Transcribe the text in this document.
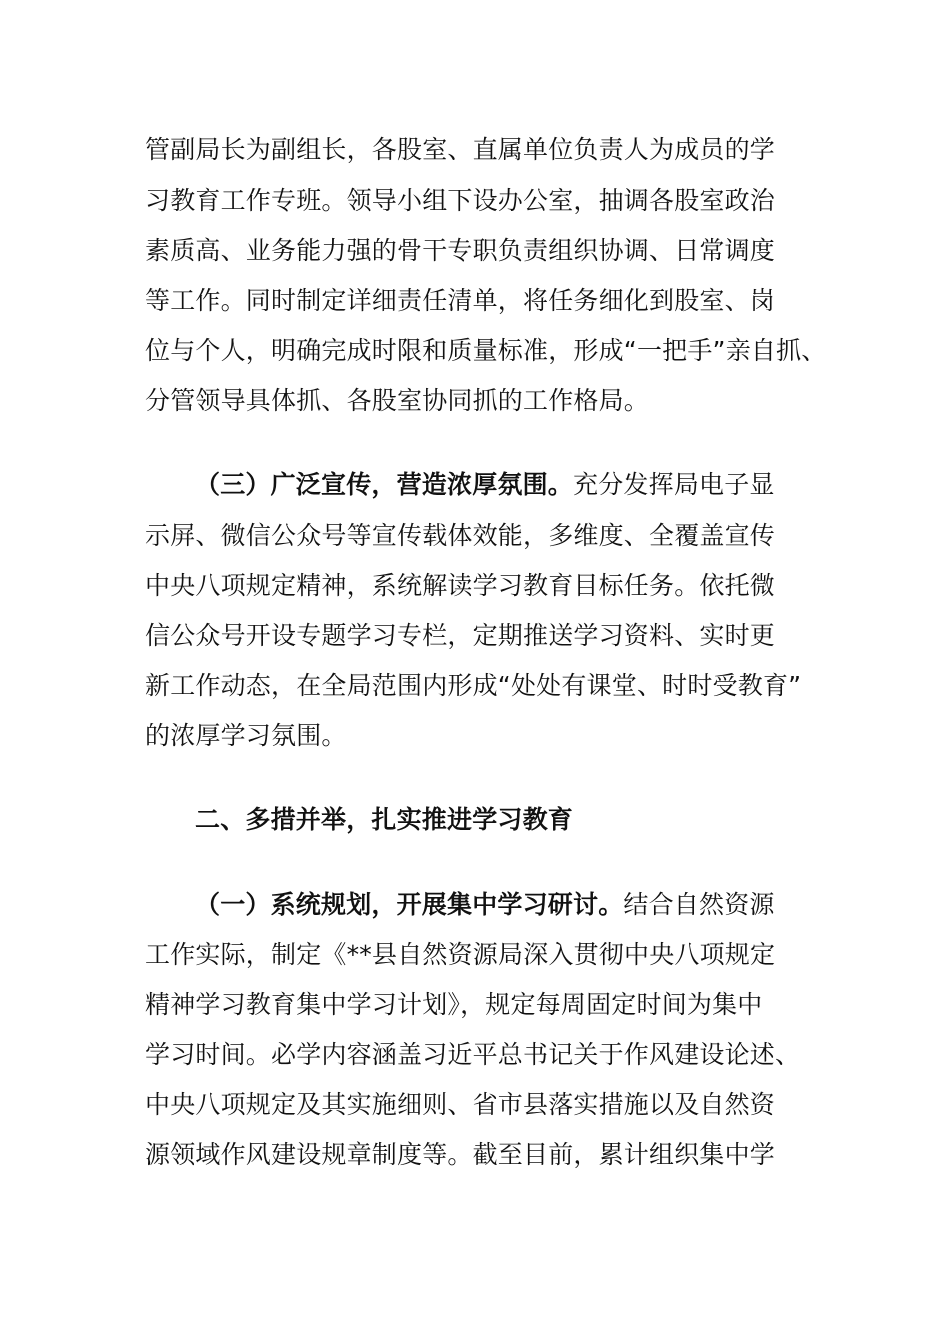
管副局长为副组长，各股室、直属单位负责人为成员的学
习教育工作专班。领导小组下设办公室，抽调各股室政治
素质高、业务能力强的骨干专职负责组织协调、日常调度
等工作。同时制定详细责任清单，将任务细化到股室、岗
位与个人，明确完成时限和质量标准，形成“一把手”亲自抓、
分管领导具体抓、各股室协同抓的工作格局。
（三）广泛宣传，营造浓厚氛围。充分发挥局电子显
示屏、微信公众号等宣传载体效能，多维度、全覆盖宣传
中央八项规定精神，系统解读学习教育目标任务。依托微
信公众号开设专题学习专栏，定期推送学习资料、实时更
新工作动态，在全局范围内形成“处处有课堂、时时受教育”
的浓厚学习氛围。
二、多措并举，扎实推进学习教育
（一）系统规划，开展集中学习研讨。结合自然资源
工作实际，制定《**县自然资源局深入贯彻中央八项规定
精神学习教育集中学习计划》，规定每周固定时间为集中
学习时间。必学内容涵盖习近平总书记关于作风建设论述、
中央八项规定及其实施细则、省市县落实措施以及自然资
源领域作风建设规章制度等。截至目前，累计组织集中学
